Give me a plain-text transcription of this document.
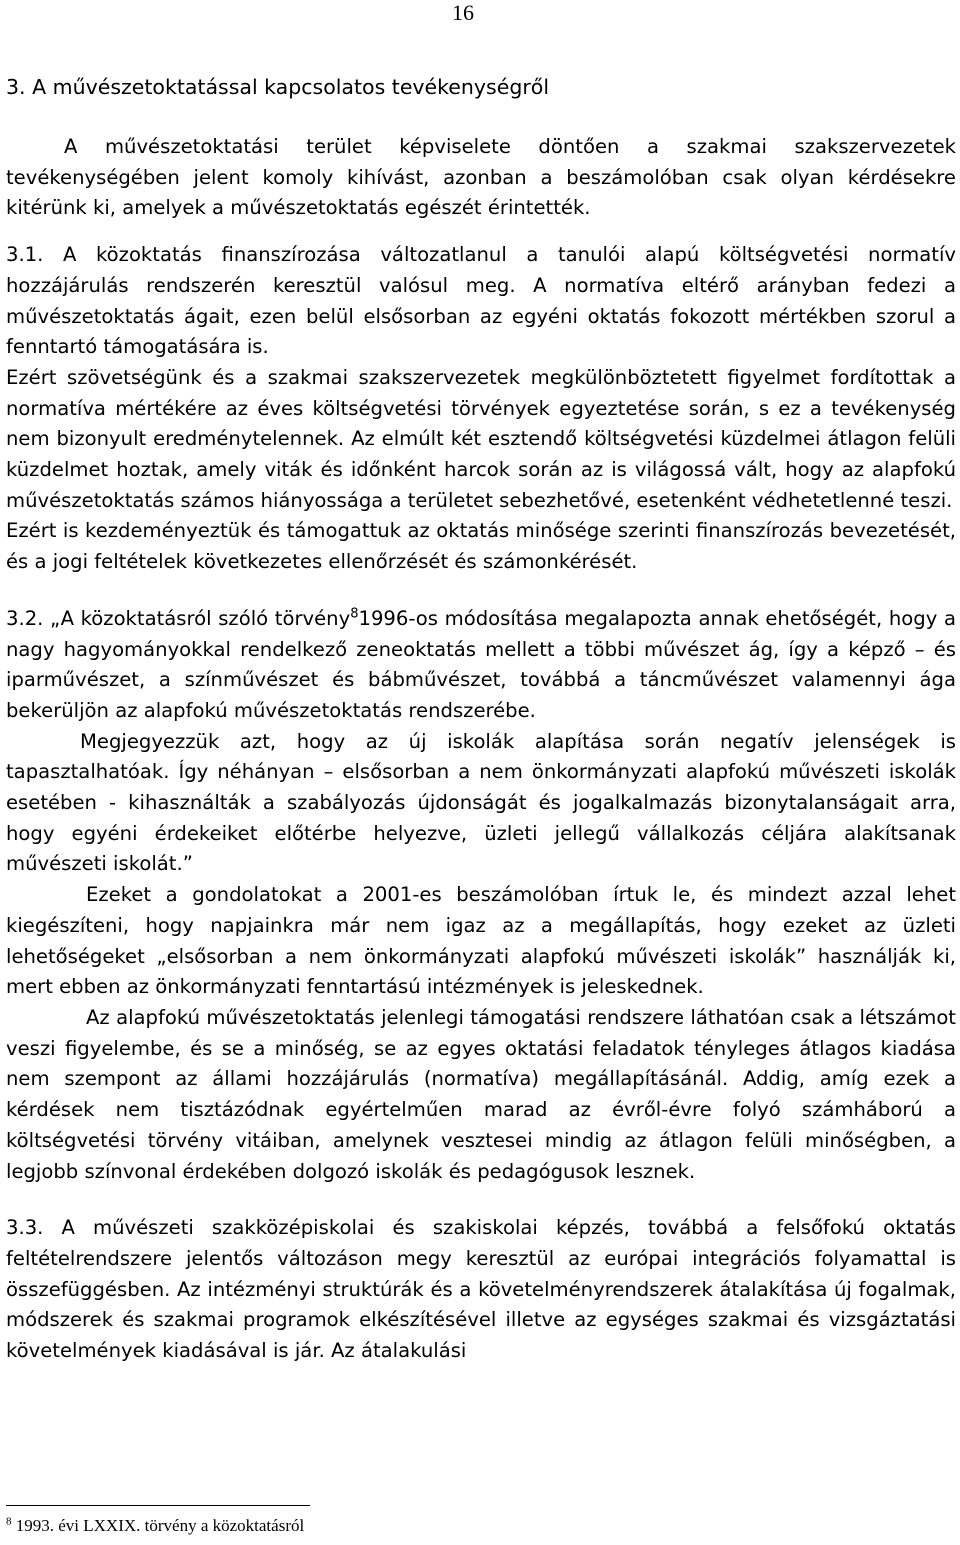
16
3. A művészetoktatással kapcsolatos tevékenységről

A művészetoktatási terület képviselete döntően a szakmai szakszervezetek tevékenységében jelent komoly kihívást, azonban a beszámolóban csak olyan kérdésekre kitérünk ki, amelyek a művészetoktatás egészét érintették.

3.1. A közoktatás finanszírozása változatlanul a tanulói alapú költségvetési normatív hozzájárulás rendszerén keresztül valósul meg. A normatíva eltérő arányban fedezi a művészetoktatás ágait, ezen belül elsősorban az egyéni oktatás fokozott mértékben szorul a fenntartó támogatására is.

Ezért szövetségünk és a szakmai szakszervezetek megkülönböztetett figyelmet fordítottak a normatíva mértékére az éves költségvetési törvények egyeztetése során, s ez a tevékenység nem bizonyult eredménytelennek. Az elmúlt két esztendő költségvetési küzdelmei átlagon felüli küzdelmet hoztak, amely viták és időnként harcok során az is világossá vált, hogy az alapfokú művészetoktatás számos hiányossága a területet sebezhetővé, esetenként védhetetlenné teszi.

Ezért is kezdeményeztük és támogattuk az oktatás minősége szerinti finanszírozás bevezetését, és a jogi feltételek következetes ellenőrzését és számonkérését.

3.2. „A közoktatásról szóló törvény$^8$1996-os módosítása megalapozta annak ehetőségét, hogy a nagy hagyományokkal rendelkező zeneoktatás mellett a többi művészet ág, így a képző – és iparművészet, a színművészet és bábművészet, továbbá a táncművészet valamennyi ága bekerüljön az alapfokú művészetoktatás rendszerébe.

Megjegyezzük azt, hogy az új iskolák alapítása során negatív jelenségek is tapasztalhatóak. Így néhányan – elsősorban a nem önkormányzati alapfokú művészeti iskolák esetében - kihasználták a szabályozás újdonságát és jogalkalmazás bizonytalanságait arra, hogy egyéni érdekeiket előtérbe helyezve, üzleti jellegű vállalkozás céljára alakítsanak művészeti iskolát.”

Ezeket a gondolatokat a 2001-es beszámolóban írtuk le, és mindezt azzal lehet kiegészíteni, hogy napjainkra már nem igaz az a megállapítás, hogy ezeket az üzleti lehetőségeket „elsősorban a nem önkormányzati alapfokú művészeti iskolák” használják ki, mert ebben az önkormányzati fenntartású intézmények is jeleskednek.

Az alapfokú művészetoktatás jelenlegi támogatási rendszere láthatóan csak a létszámot veszi figyelembe, és se a minőség, se az egyes oktatási feladatok tényleges átlagos kiadása nem szempont az állami hozzájárulás (normatíva) megállapításánál. Addig, amíg ezek a kérdések nem tisztázódnak egyértelműen marad az évről-évre folyó számháború a költségvetési törvény vitáiban, amelynek vesztesei mindig az átlagon felüli minőségben, a legjobb színvonal érdekében dolgozó iskolák és pedagógusok lesznek.

3.3. A művészeti szakközépiskolai és szakiskolai képzés, továbbá a felsőfokú oktatás feltételrendszere jelentős változáson megy keresztül az európai integrációs folyamattal is összefüggésben. Az intézményi struktúrák és a követelményrendszerek átalakítása új fogalmak, módszerek és szakmai programok elkészítésével illetve az egységes szakmai és vizsgáztatási követelmények kiadásával is jár. Az átalakulási

$^8$ 1993. évi LXXIX. törvény a közoktatásról
